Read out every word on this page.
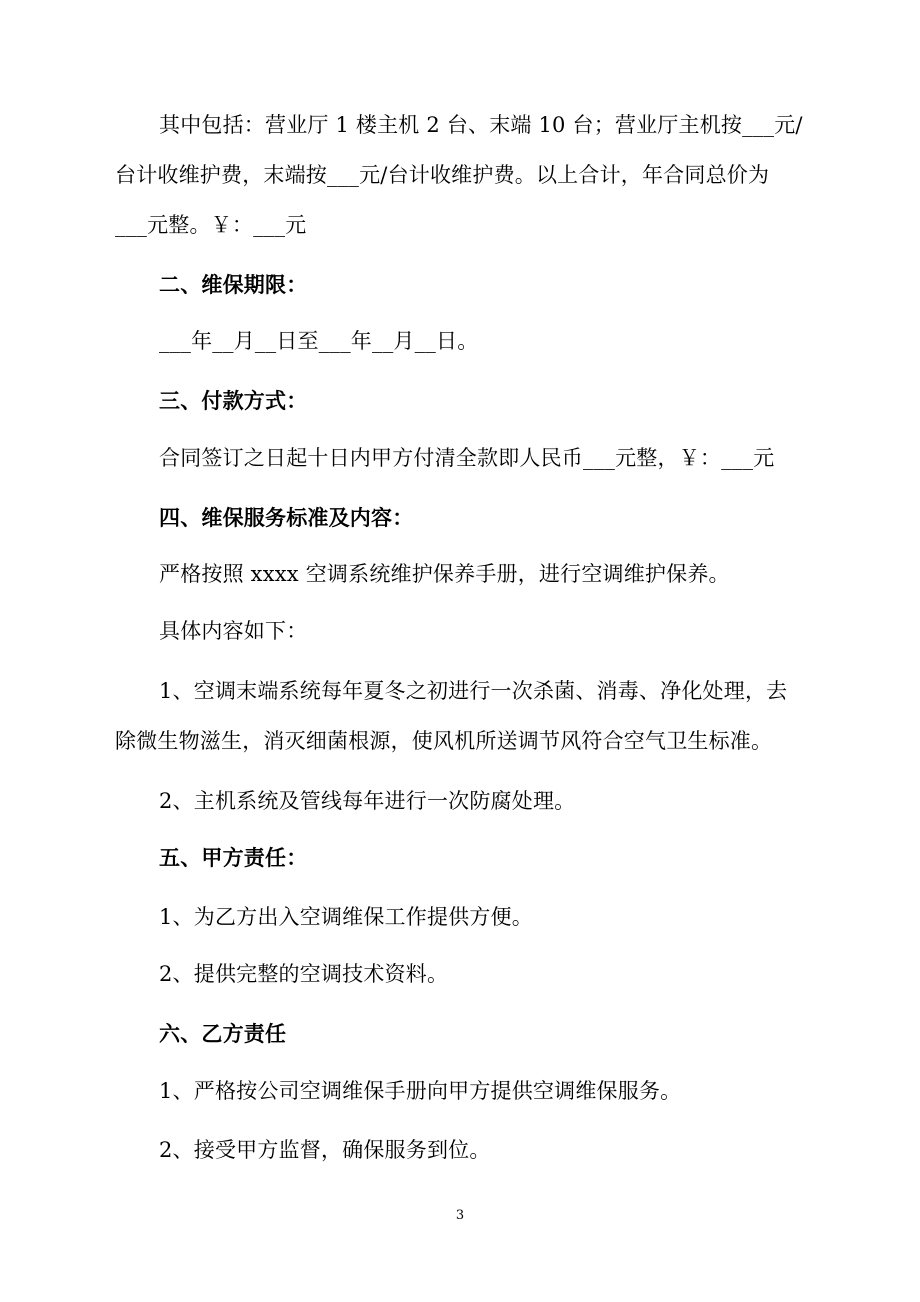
其中包括：营业厅 1 楼主机 2 台、末端 10 台；营业厅主机按___元/
台计收维护费，末端按___元/台计收维护费。以上合计，年合同总价为
___元整。￥：___元
二、维保期限：
___年__月__日至___年__月__日。
三、付款方式：
合同签订之日起十日内甲方付清全款即人民币___元整，￥：___元
四、维保服务标准及内容：
严格按照 xxxx 空调系统维护保养手册，进行空调维护保养。
具体内容如下：
1、空调末端系统每年夏冬之初进行一次杀菌、消毒、净化处理，去
除微生物滋生，消灭细菌根源，使风机所送调节风符合空气卫生标准。
2、主机系统及管线每年进行一次防腐处理。
五、甲方责任：
1、为乙方出入空调维保工作提供方便。
2、提供完整的空调技术资料。
六、乙方责任
1、严格按公司空调维保手册向甲方提供空调维保服务。
2、接受甲方监督，确保服务到位。
3
